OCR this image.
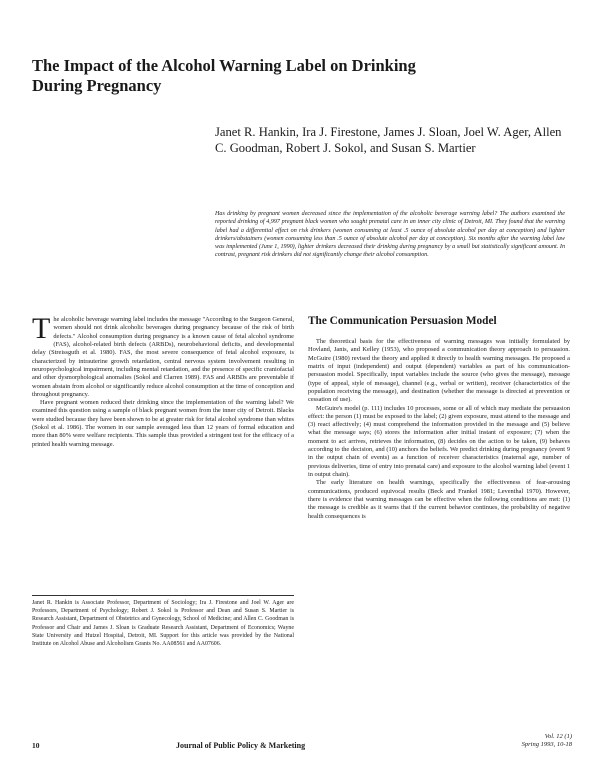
The Impact of the Alcohol Warning Label on Drinking During Pregnancy
Janet R. Hankin, Ira J. Firestone, James J. Sloan, Joel W. Ager, Allen C. Goodman, Robert J. Sokol, and Susan S. Martier
Has drinking by pregnant women decreased since the implementation of the alcoholic beverage warning label? The authors examined the reported drinking of 4,997 pregnant black women who sought prenatal care in an inner city clinic of Detroit, MI. They found that the warning label had a differential effect on risk drinkers (women consuming at least .5 ounce of absolute alcohol per day at conception) and lighter drinkers/abstainers (women consuming less than .5 ounce of absolute alcohol per day at conception). Six months after the warning label law was implemented (June 1, 1990), lighter drinkers decreased their drinking during pregnancy by a small but statistically significant amount. In contrast, pregnant risk drinkers did not significantly change their alcohol consumption.

The alcoholic beverage warning label includes the message "According to the Surgeon General, women should not drink alcoholic beverages during pregnancy because of the risk of birth defects." Alcohol consumption during pregnancy is a known cause of fetal alcohol syndrome (FAS), alcohol-related birth defects (ARBDs), neurobehavioral deficits, and developmental delay (Streissguth et al. 1980). FAS, the most severe consequence of fetal alcohol exposure, is characterized by intrauterine growth retardation, central nervous system involvement resulting in neuropsychological impairment, including mental retardation, and the presence of specific craniofacial and other dysmorphological anomalies (Sokol and Clarren 1989). FAS and ARBDs are preventable if women abstain from alcohol or significantly reduce alcohol consumption at the time of conception and throughout pregnancy.

Have pregnant women reduced their drinking since the implementation of the warning label? We examined this question using a sample of black pregnant women from the inner city of Detroit. Blacks were studied because they have been shown to be at greater risk for fetal alcohol syndrome than whites (Sokol et al. 1986). The women in our sample averaged less than 12 years of formal education and more than 80% were welfare recipients. This sample thus provided a stringent test for the efficacy of a printed health warning message.

Janet R. Hankin is Associate Professor, Department of Sociology; Ira J. Firestone and Joel W. Ager are Professors, Department of Psychology; Robert J. Sokol is Professor and Dean and Susan S. Martier is Research Assistant, Department of Obstetrics and Gynecology, School of Medicine; and Allen C. Goodman is Professor and Chair and James J. Sloan is Graduate Research Assistant, Department of Economics; Wayne State University and Hutzel Hospital, Detroit, MI. Support for this article was provided by the National Institute on Alcohol Abuse and Alcoholism Grants No. AA08561 and AA07606.
The Communication Persuasion Model

The theoretical basis for the effectiveness of warning messages was initially formulated by Hovland, Janis, and Kelley (1953), who proposed a communication theory approach to persuasion. McGuire (1980) revised the theory and applied it directly to health warning messages. He proposed a matrix of input (independent) and output (dependent) variables as part of his communication-persuasion model. Specifically, input variables include the source (who gives the message), message (type of appeal, style of message), channel (e.g., verbal or written), receiver (characteristics of the population receiving the message), and destination (whether the message is directed at prevention or cessation of use).

McGuire's model (p. 111) includes 10 processes, some or all of which may mediate the persuasion effect: the person (1) must be exposed to the label; (2) given exposure, must attend to the message and (3) react affectively; (4) must comprehend the information provided in the message and (5) believe what the message says; (6) stores the information after initial instant of exposure; (7) when the moment to act arrives, retrieves the information, (8) decides on the action to be taken, (9) behaves according to the decision, and (10) anchors the beliefs. We predict drinking during pregnancy (event 9 in the output chain of events) as a function of receiver characteristics (maternal age, number of previous deliveries, time of entry into prenatal care) and exposure to the alcohol warning label (event 1 in output chain).

The early literature on health warnings, specifically the effectiveness of fear-arousing communications, produced equivocal results (Beck and Frankel 1981; Leventhal 1970). However, there is evidence that warning messages can be effective when the following conditions are met: (1) the message is credible as it warns that if the current behavior continues, the probability of negative health consequences is

10	Journal of Public Policy & Marketing
Vol. 12 (1)
Spring 1993, 10-18
